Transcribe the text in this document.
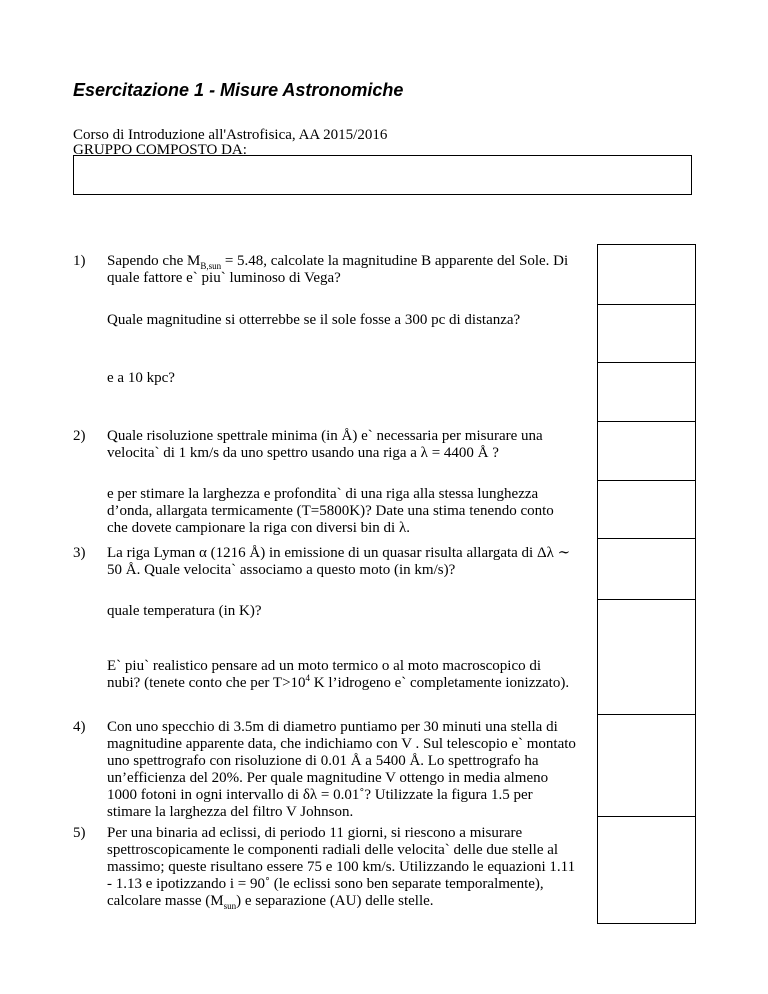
Esercitazione 1 - Misure Astronomiche
Corso di Introduzione all'Astrofisica, AA 2015/2016
GRUPPO COMPOSTO DA:
1) Sapendo che $M_{B,sun} = 5.48$, calcolate la magnitudine B apparente del Sole. Di quale fattore e` piu` luminoso di Vega?
Quale magnitudine si otterrebbe se il sole fosse a 300 pc di distanza?
e a 10 kpc?
2) Quale risoluzione spettrale minima (in Å) e` necessaria per misurare una velocita` di 1 km/s da uno spettro usando una riga a λ = 4400 Å ?
e per stimare la larghezza e profondita` di una riga alla stessa lunghezza d’onda, allargata termicamente (T=5800K)? Date una stima tenendo conto che dovete campionare la riga con diversi bin di λ.
3) La riga Lyman α (1216 Å) in emissione di un quasar risulta allargata di Δλ ∼ 50 Å. Quale velocita` associamo a questo moto (in km/s)?
quale temperatura (in K)?
E` piu` realistico pensare ad un moto termico o al moto macroscopico di nubi? (tenete conto che per $T>10^4$ K l’idrogeno e` completamente ionizzato).
4) Con uno specchio di 3.5m di diametro puntiamo per 30 minuti una stella di magnitudine apparente data, che indichiamo con V . Sul telescopio e` montato uno spettrografo con risoluzione di 0.01 Å a 5400 Å. Lo spettrografo ha un’efficienza del 20%. Per quale magnitudine V ottengo in media almeno 1000 fotoni in ogni intervallo di δλ = 0.01˚? Utilizzate la figura 1.5 per stimare la larghezza del filtro V Johnson.
5) Per una binaria ad eclissi, di periodo 11 giorni, si riescono a misurare spettroscopicamente le componenti radiali delle velocita` delle due stelle al massimo; queste risultano essere 75 e 100 km/s. Utilizzando le equazioni 1.11 - 1.13 e ipotizzando i = 90˚ (le eclissi sono ben separate temporalmente), calcolare masse $(M_{sun})$ e separazione (AU) delle stelle.
